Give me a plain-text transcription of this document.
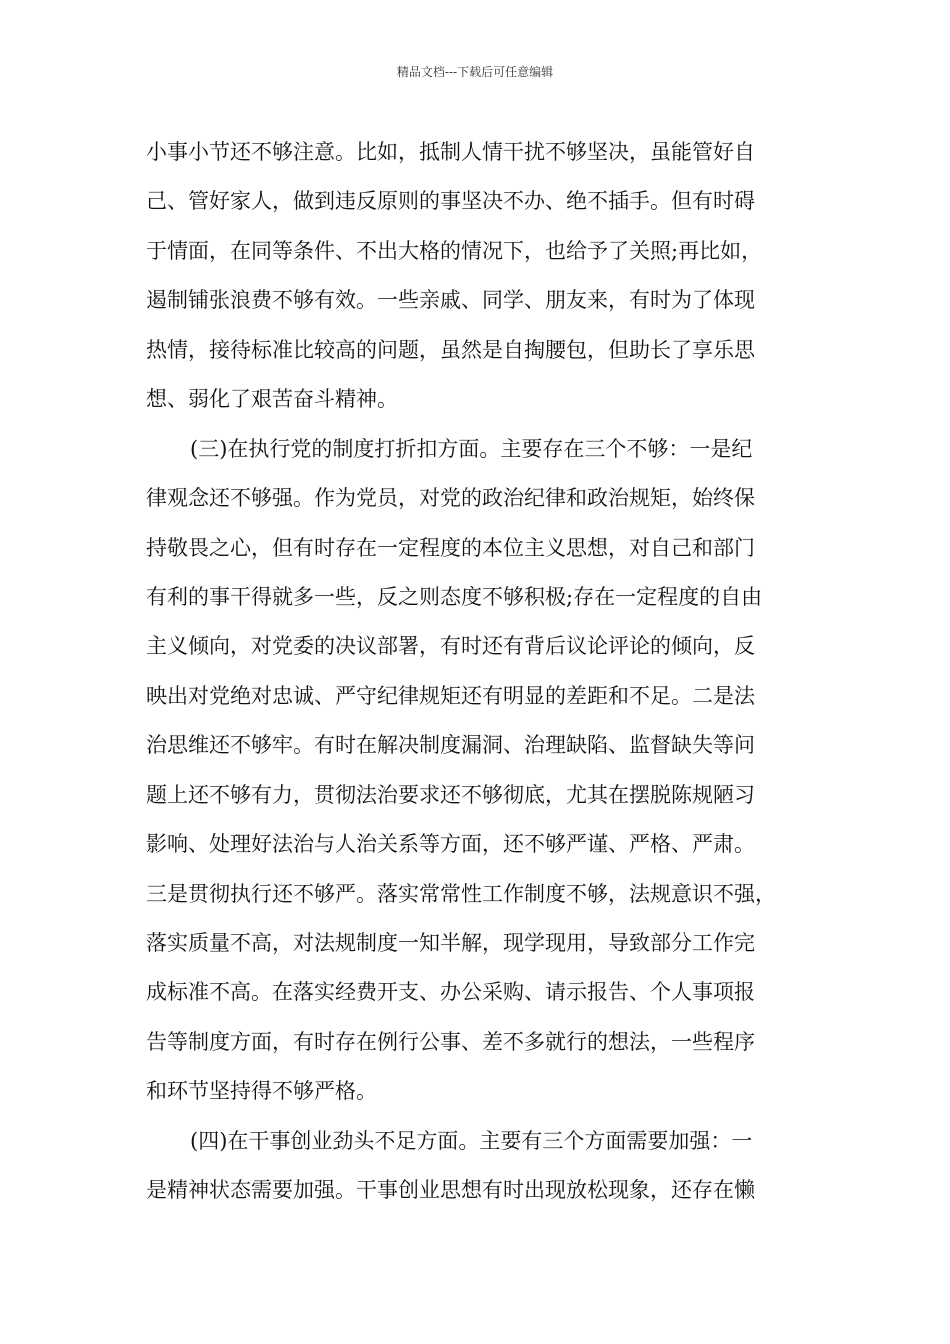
精品文档---下载后可任意编辑
小事小节还不够注意。比如，抵制人情干扰不够坚决，虽能管好自
己、管好家人，做到违反原则的事坚决不办、绝不插手。但有时碍
于情面，在同等条件、不出大格的情况下，也给予了关照;再比如，
遏制铺张浪费不够有效。一些亲戚、同学、朋友来，有时为了体现
热情，接待标准比较高的问题，虽然是自掏腰包，但助长了享乐思
想、弱化了艰苦奋斗精神。
(三)在执行党的制度打折扣方面。主要存在三个不够：一是纪
律观念还不够强。作为党员，对党的政治纪律和政治规矩，始终保
持敬畏之心，但有时存在一定程度的本位主义思想，对自己和部门
有利的事干得就多一些，反之则态度不够积极;存在一定程度的自由
主义倾向，对党委的决议部署，有时还有背后议论评论的倾向，反
映出对党绝对忠诚、严守纪律规矩还有明显的差距和不足。二是法
治思维还不够牢。有时在解决制度漏洞、治理缺陷、监督缺失等问
题上还不够有力，贯彻法治要求还不够彻底，尤其在摆脱陈规陋习
影响、处理好法治与人治关系等方面，还不够严谨、严格、严肃。
三是贯彻执行还不够严。落实常常性工作制度不够，法规意识不强，
落实质量不高，对法规制度一知半解，现学现用，导致部分工作完
成标准不高。在落实经费开支、办公采购、请示报告、个人事项报
告等制度方面，有时存在例行公事、差不多就行的想法，一些程序
和环节坚持得不够严格。
(四)在干事创业劲头不足方面。主要有三个方面需要加强：一
是精神状态需要加强。干事创业思想有时出现放松现象，还存在懒
